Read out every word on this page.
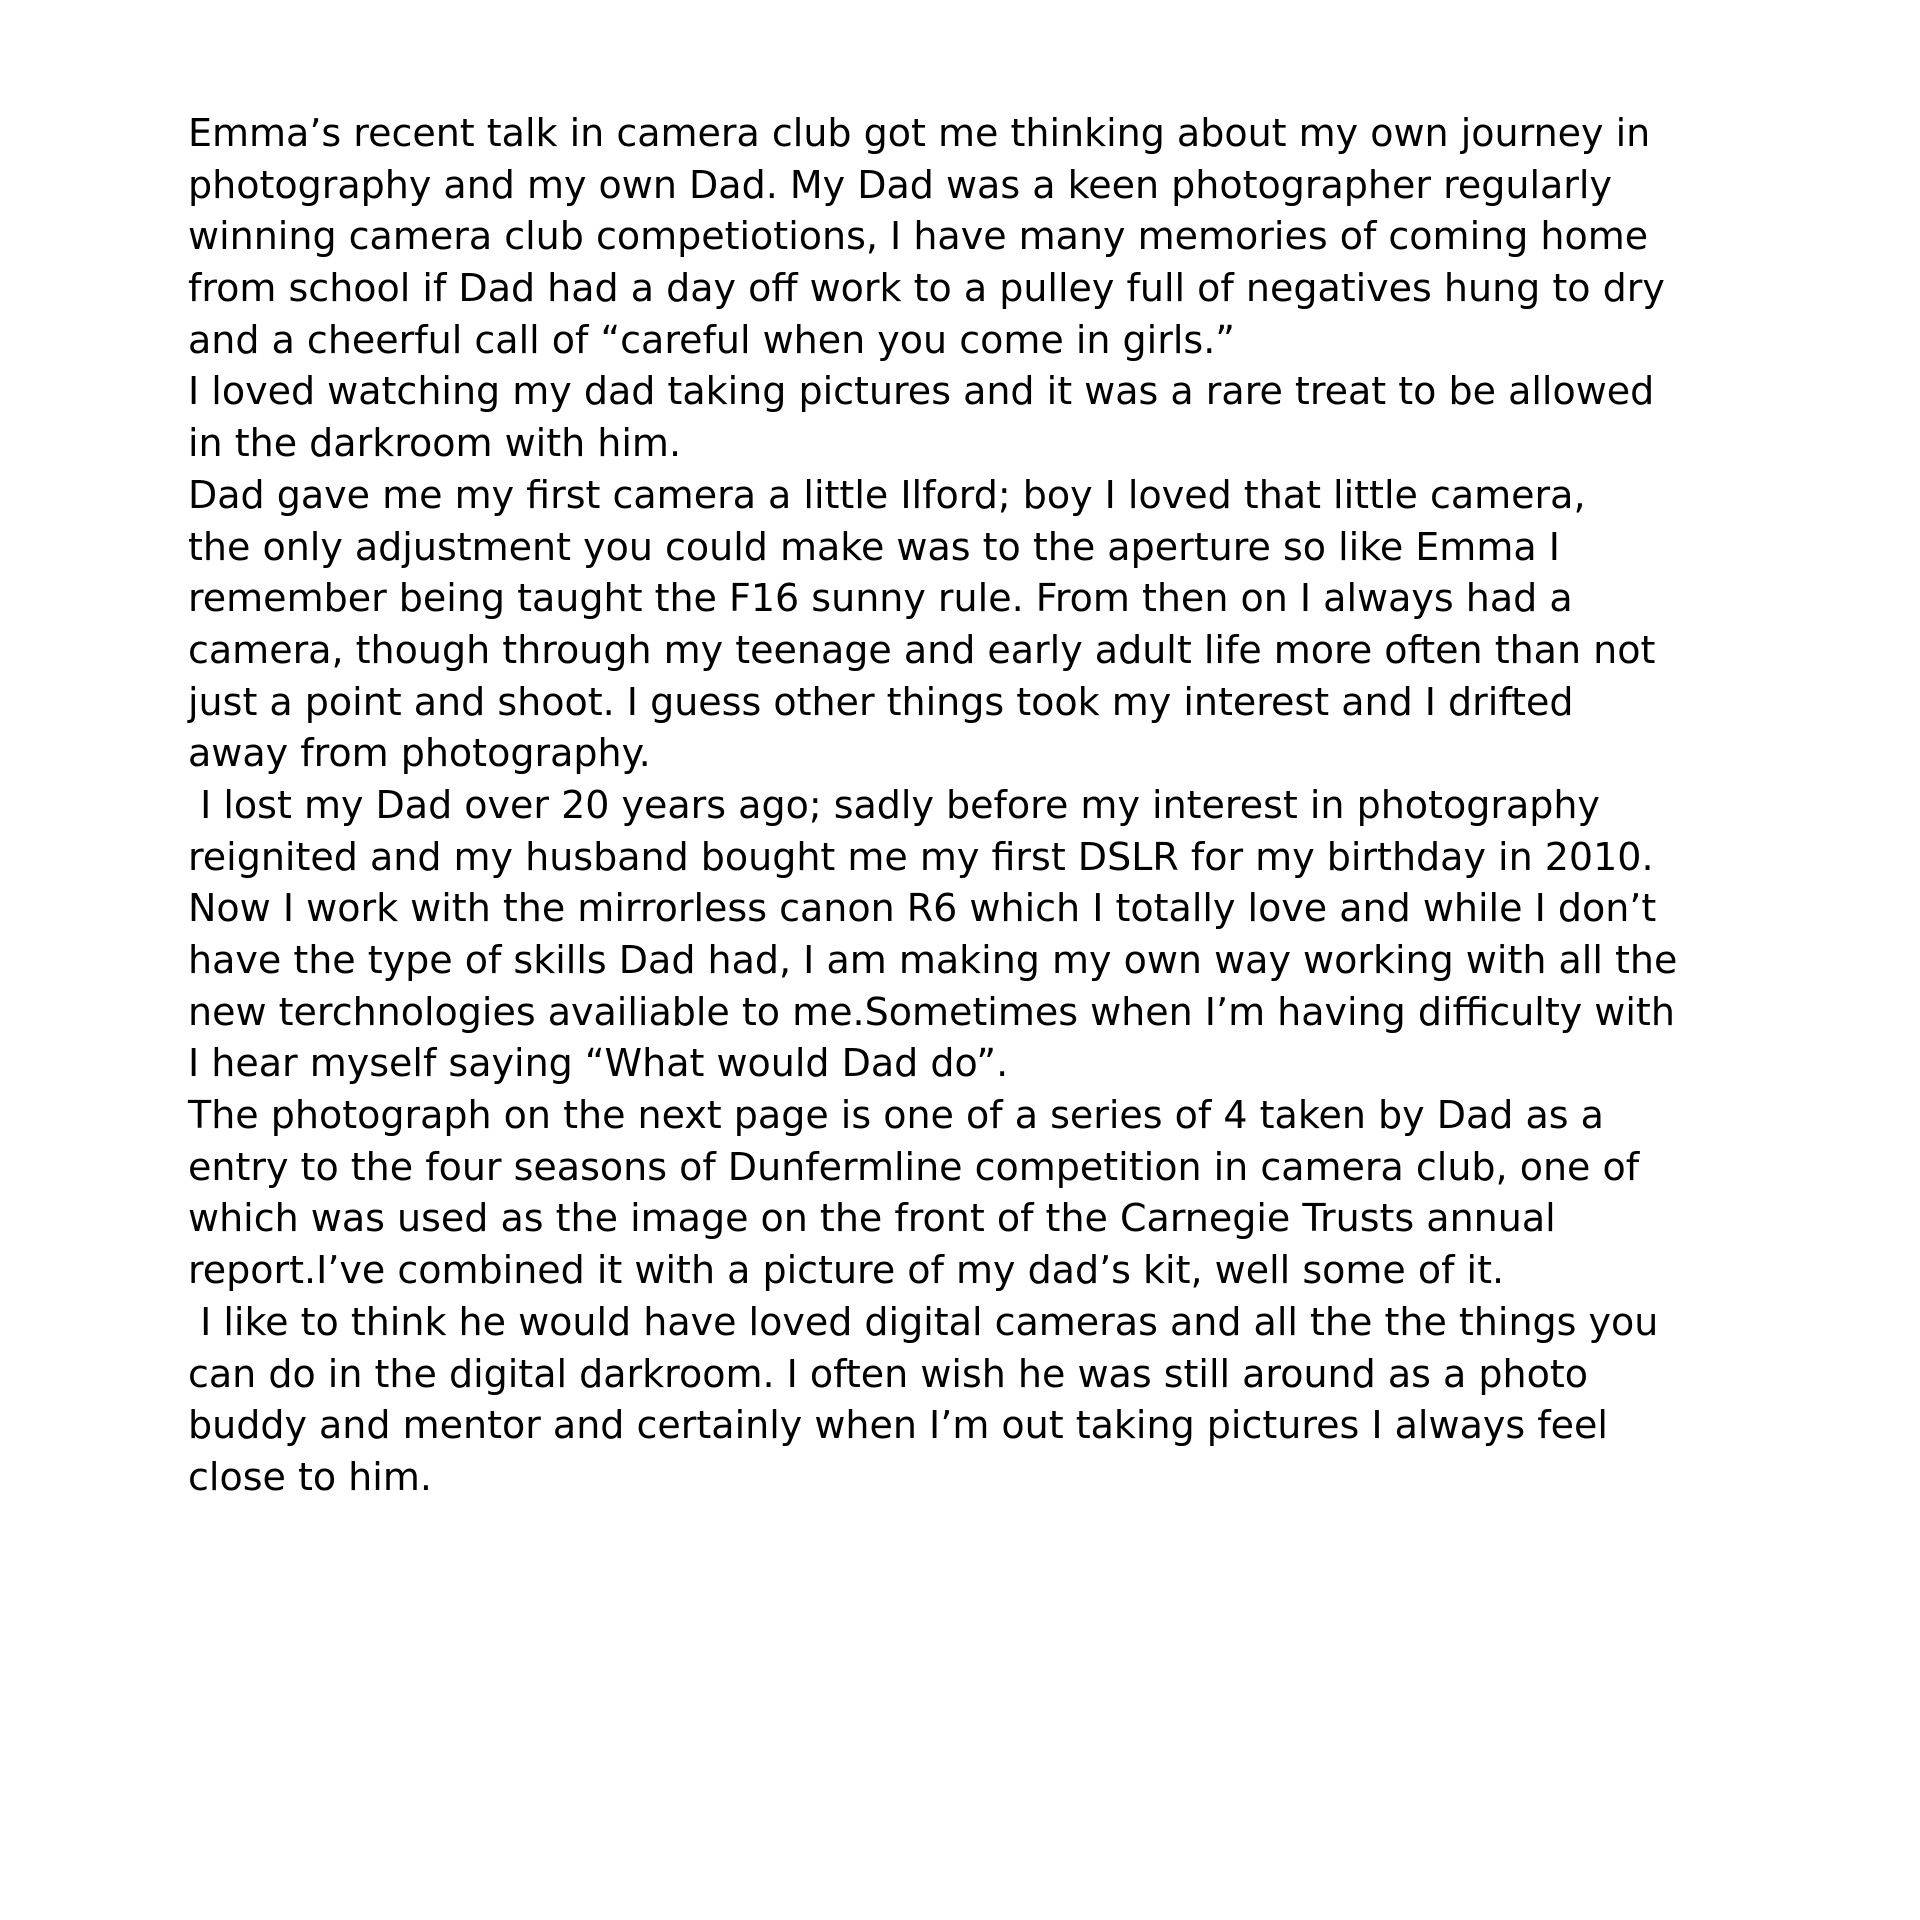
Emma’s recent talk in camera club got me thinking about my own journey in
photography and my own Dad. My Dad was a keen photographer regularly
winning camera club competiotions, I have many memories of coming home
from school if Dad had a day off work to a pulley full of negatives hung to dry
and a cheerful call of “careful when you come in girls.”
I loved watching my dad taking pictures and it was a rare treat to be allowed
in the darkroom with him.
Dad gave me my first camera a little Ilford; boy I loved that little camera,
the only adjustment you could make was to the aperture so like Emma I
remember being taught the F16 sunny rule. From then on I always had a
camera, though through my teenage and early adult life more often than not
just a point and shoot. I guess other things took my interest and I drifted
away from photography.
I lost my Dad over 20 years ago; sadly before my interest in photography
reignited and my husband bought me my first DSLR for my birthday in 2010.
Now I work with the mirrorless canon R6 which I totally love and while I don’t
have the type of skills Dad had, I am making my own way working with all the
new terchnologies availiable to me.Sometimes when I’m having difficulty with
I hear myself saying “What would Dad do”.
The photograph on the next page is one of a series of 4 taken by Dad as a
entry to the four seasons of Dunfermline competition in camera club, one of
which was used as the image on the front of the Carnegie Trusts annual
report.I’ve combined it with a picture of my dad’s kit, well some of it.
I like to think he would have loved digital cameras and all the the things you
can do in the digital darkroom. I often wish he was still around as a photo
buddy and mentor and certainly when I’m out taking pictures I always feel
close to him.
